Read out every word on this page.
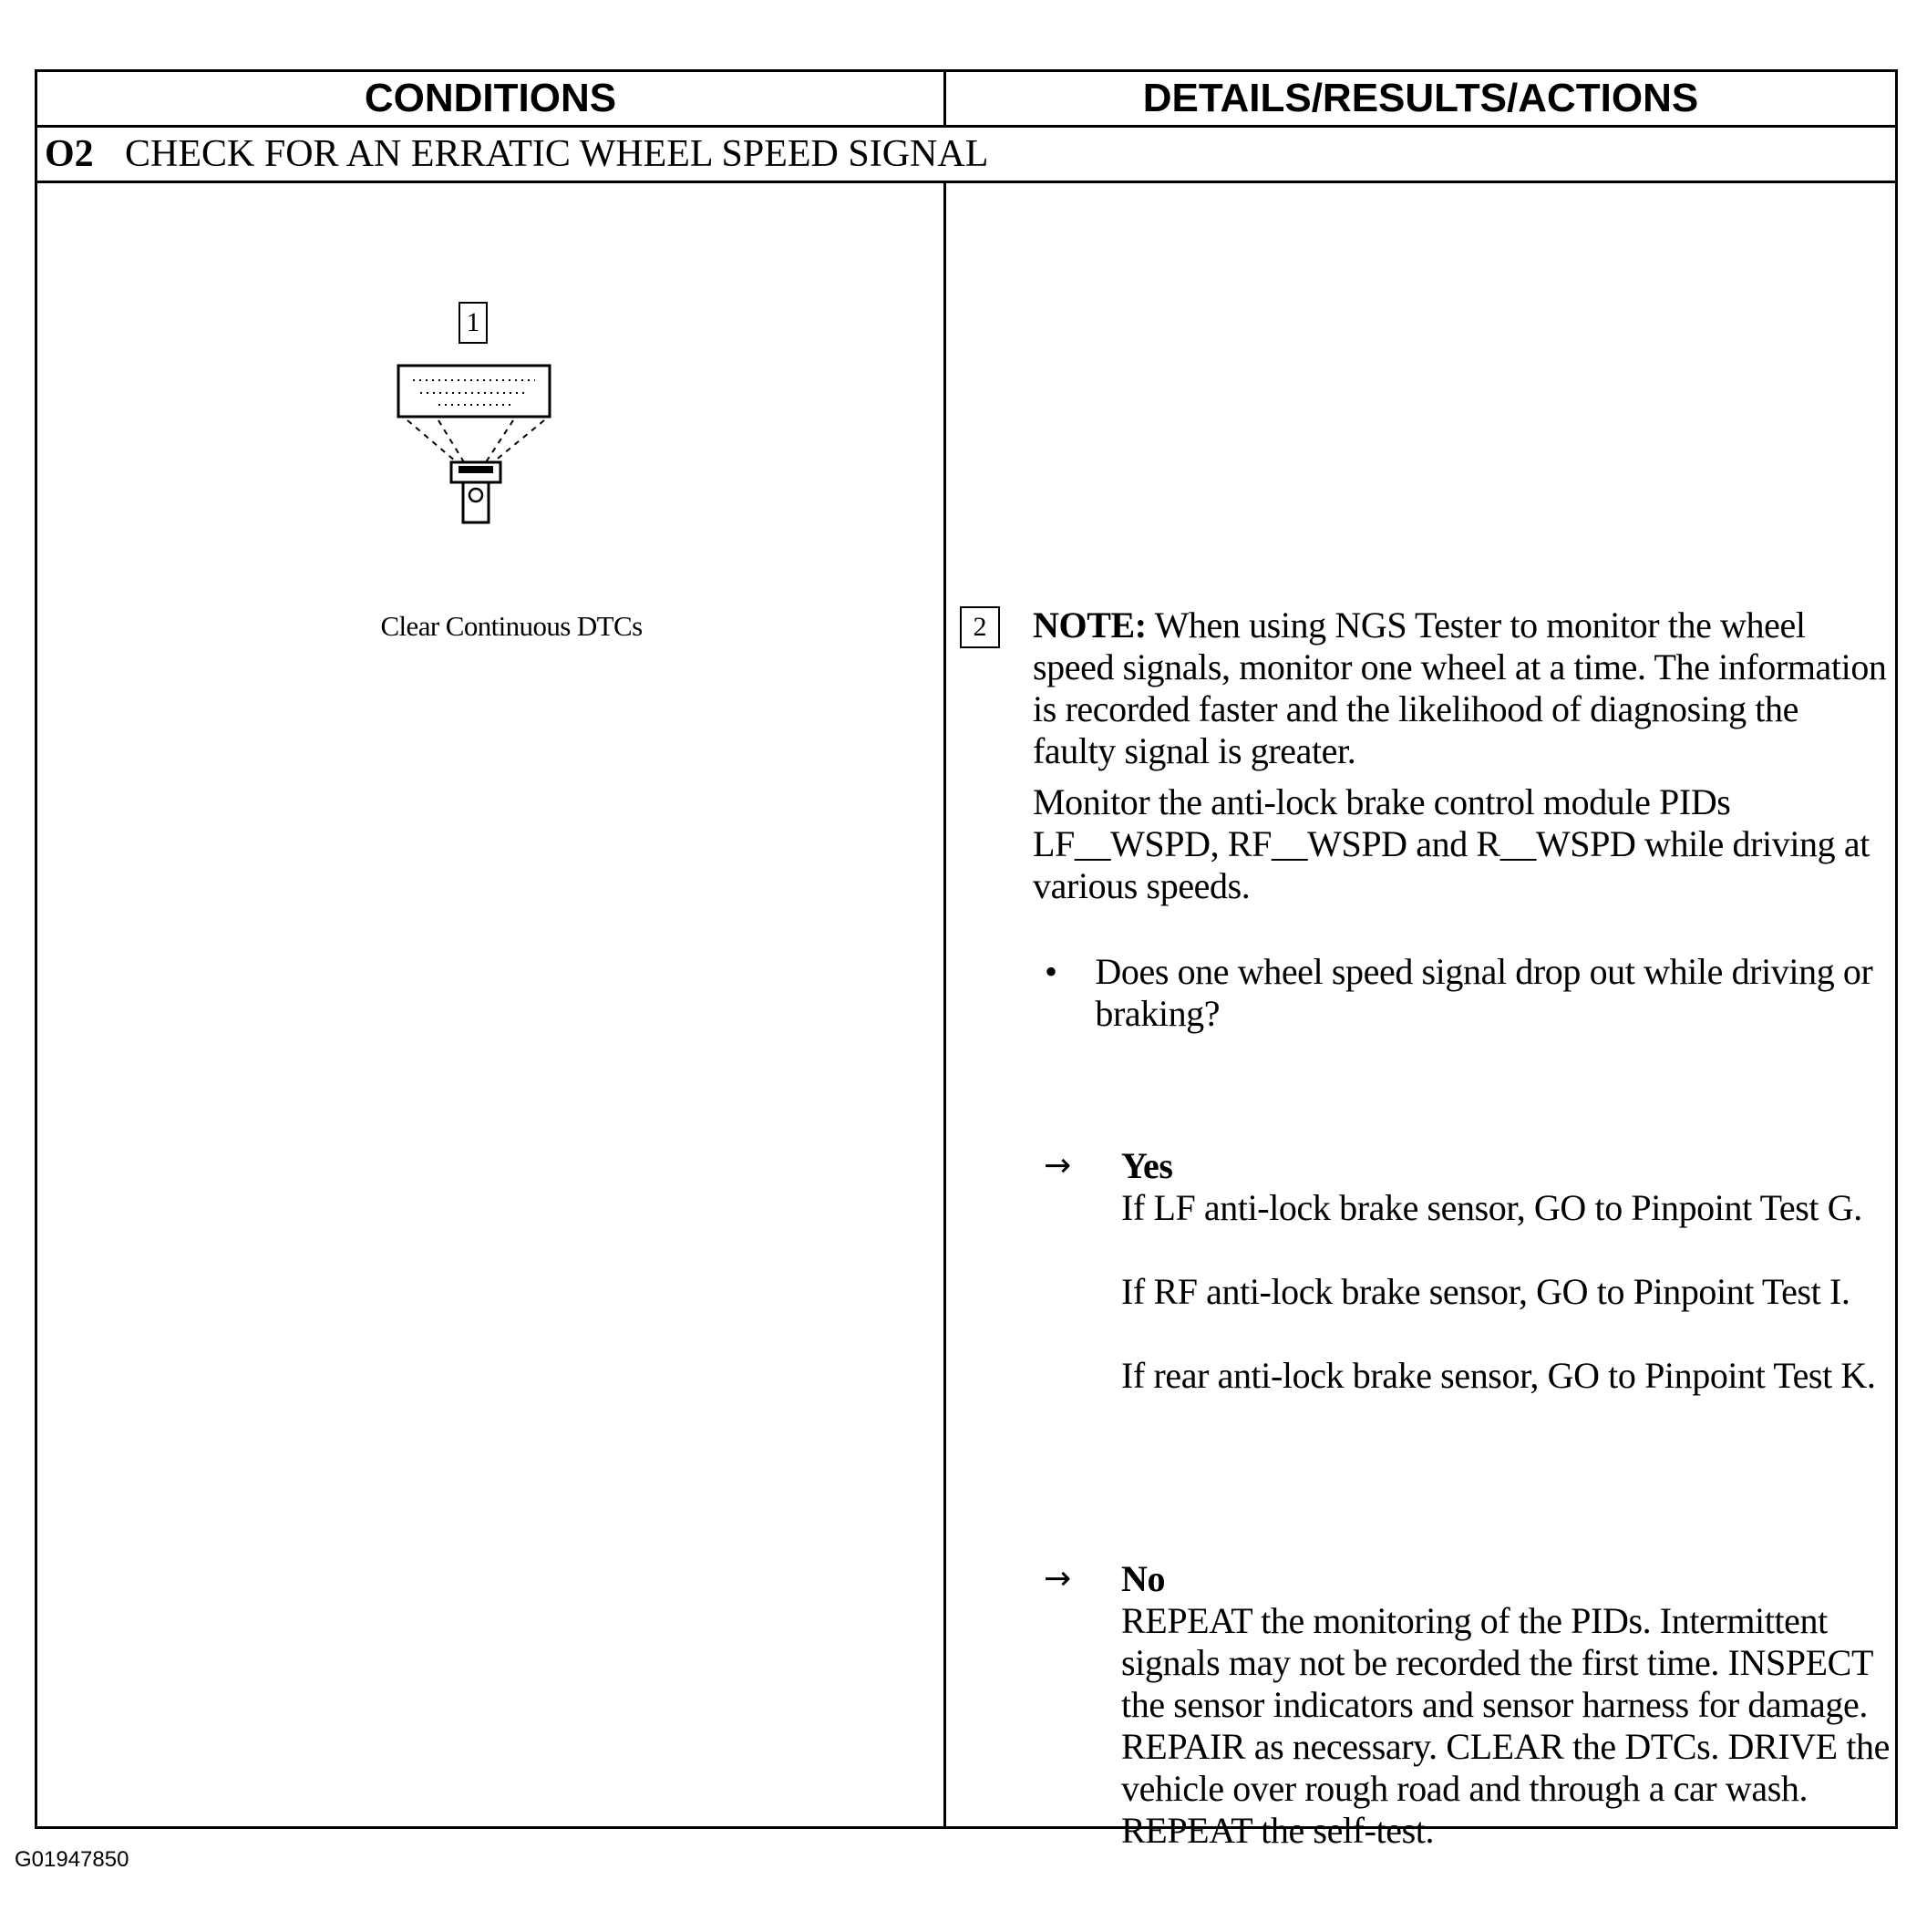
CONDITIONS	DETAILS/RESULTS/ACTIONS
O2 CHECK FOR AN ERRATIC WHEEL SPEED SIGNAL
1
Clear Continuous DTCs	2	NOTE: When using NGS Tester to monitor the wheel speed signals, monitor one wheel at a time. The information is recorded faster and the likelihood of diagnosing the faulty signal is greater.
Monitor the anti-lock brake control module PIDs LF__WSPD, RF__WSPD and R__WSPD while driving at various speeds.
•	Does one wheel speed signal drop out while driving or braking?
→ Yes

If LF anti-lock brake sensor, GO to Pinpoint Test G.

If RF anti-lock brake sensor, GO to Pinpoint Test I.

If rear anti-lock brake sensor, GO to Pinpoint Test K.

→ No
REPEAT the monitoring of the PIDs. Intermittent signals may not be recorded the first time. INSPECT the sensor indicators and sensor harness for damage. REPAIR as necessary. CLEAR the DTCs. DRIVE the vehicle over rough road and through a car wash. REPEAT the self-test.
G01947850
